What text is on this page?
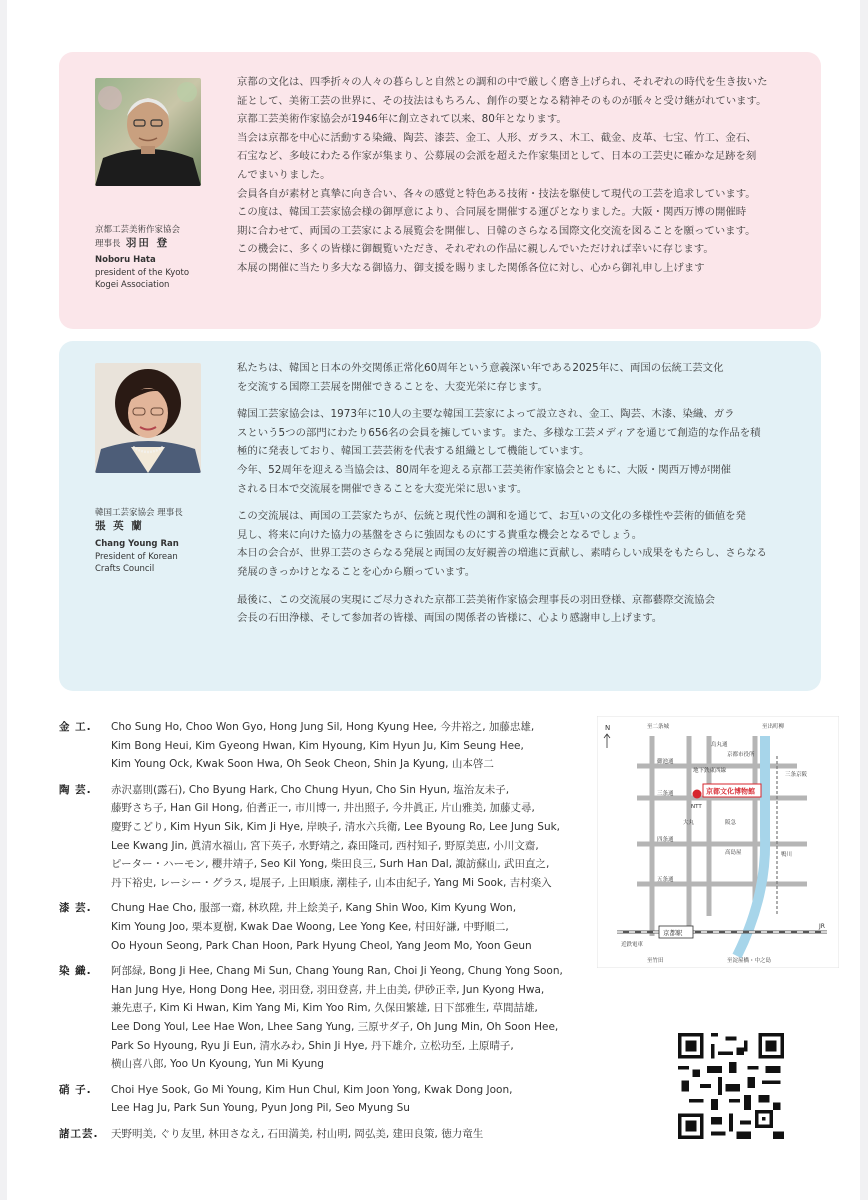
京都工芸美術作家協会
理事長 羽田 登
Noboru Hata
president of the Kyoto
Kogei Association

京都の文化は、四季折々の人々の暮らしと自然との調和の中で厳しく磨き上げられ、それぞれの時代を生き抜いた

証として、美術工芸の世界に、その技法はもちろん、創作の要となる精神そのものが脈々と受け継がれています。

京都工芸美術作家協会が1946年に創立されて以来、80年となります。

当会は京都を中心に活動する染織、陶芸、漆芸、金工、人形、ガラス、木工、截金、皮革、七宝、竹工、金石、

石宝など、多岐にわたる作家が集まり、公募展の会派を超えた作家集団として、日本の工芸史に確かな足跡を刻

んでまいりました。

会員各自が素材と真摯に向き合い、各々の感覚と特色ある技術・技法を駆使して現代の工芸を追求しています。

この度は、韓国工芸家協会様の御厚意により、合同展を開催する運びとなりました。大阪・関西万博の開催時

期に合わせて、両国の工芸家による展覧会を開催し、日韓のさらなる国際文化交流を図ることを願っています。

この機会に、多くの皆様に御観覧いただき、それぞれの作品に親しんでいただければ幸いに存じます。

本展の開催に当たり多大なる御協力、御支援を賜りました関係各位に対し、心から御礼申し上げます

韓国工芸家協会 理事長
張 英 蘭
Chang Young Ran
President of Korean
Crafts Council

私たちは、韓国と日本の外交関係正常化60周年という意義深い年である2025年に、両国の伝統工芸文化

を交流する国際工芸展を開催できることを、大変光栄に存じます。

韓国工芸家協会は、1973年に10人の主要な韓国工芸家によって設立され、金工、陶芸、木漆、染織、ガラ

スという5つの部門にわたり656名の会員を擁しています。また、多様な工芸メディアを通じて創造的な作品を積

極的に発表しており、韓国工芸芸術を代表する組織として機能しています。

今年、52周年を迎える当協会は、80周年を迎える京都工芸美術作家協会とともに、大阪・関西万博が開催

される日本で交流展を開催できることを大変光栄に思います。

この交流展は、両国の工芸家たちが、伝統と現代性の調和を通じて、お互いの文化の多様性や芸術的価値を発

見し、将来に向けた協力の基盤をさらに強固なものにする貴重な機会となるでしょう。

本日の会合が、世界工芸のさらなる発展と両国の友好親善の増進に貢献し、素晴らしい成果をもたらし、さらなる

発展のきっかけとなることを心から願っています。

最後に、この交流展の実現にご尽力された京都工芸美術作家協会理事長の羽田登様、京都藝際交流協会

会長の石田浄様、そして参加者の皆様、両国の関係者の皆様に、心より感謝申し上げます。

金 工.	Cho Sung Ho, Choo Won Gyo, Hong Jung Sil, Hong Kyung Hee, 今井裕之, 加藤忠雄,
Kim Bong Heui, Kim Gyeong Hwan, Kim Hyoung, Kim Hyun Ju, Kim Seung Hee,
Kim Young Ock, Kwak Soon Hwa, Oh Seok Cheon, Shin Ja Kyung, 山本啓二
陶 芸.	赤沢嘉則(露石), Cho Byung Hark, Cho Chung Hyun, Cho Sin Hyun, 塩治友未子,
藤野さち子, Han Gil Hong, 伯耆正一, 市川博一, 井出照子, 今井眞正, 片山雅美, 加藤丈尋,
慶野こどり, Kim Hyun Sik, Kim Ji Hye, 岸映子, 清水六兵衛, Lee Byoung Ro, Lee Jung Suk,
Lee Kwang Jin, 眞清水福山, 宮下英子, 水野靖之, 森田隆司, 西村知子, 野原美恵, 小川文齋,
ピーター・ハーモン, 櫻井靖子, Seo Kil Yong, 柴田良三, Surh Han Dal, 諏訪蘇山, 武田直之,
丹下裕史, レーシー・グラス, 堤展子, 上田順康, 潮桂子, 山本由紀子, Yang Mi Sook, 吉村楽入
漆 芸.	Chung Hae Cho, 服部一齋, 林玖陞, 井上絵美子, Kang Shin Woo, Kim Kyung Won,
Kim Young Joo, 栗本夏樹, Kwak Dae Woong, Lee Yong Kee, 村田好謙, 中野順二,
Oo Hyoun Seong, Park Chan Hoon, Park Hyung Cheol, Yang Jeom Mo, Yoon Geun
染 織.	阿部緑, Bong Ji Hee, Chang Mi Sun, Chang Young Ran, Choi Ji Yeong, Chung Yong Soon,
Han Jung Hye, Hong Dong Hee, 羽田登, 羽田登喜, 井上由美, 伊砂正幸, Jun Kyong Hwa,
兼先恵子, Kim Ki Hwan, Kim Yang Mi, Kim Yoo Rim, 久保田繁雄, 日下部雅生, 草間喆雄,
Lee Dong Youl, Lee Hae Won, Lhee Sang Yung, 三原サダ子, Oh Jung Min, Oh Soon Hee,
Park So Hyoung, Ryu Ji Eun, 清水みわ, Shin Ji Hye, 丹下雄介, 立松功至, 上原晴子,
横山喜八郎, Yoo Un Kyoung, Yun Mi Kyung
硝 子.	Choi Hye Sook, Go Mi Young, Kim Hun Chul, Kim Joon Yong, Kwak Dong Joon,
Lee Hag Ju, Park Sun Young, Pyun Jong Pil, Seo Myung Su
諸工芸.	天野明美, ぐり友里, 林田さなえ, 石田満美, 村山明, 岡弘美, 建田良策, 徳力竜生
N
京都駅
JR
京都文化博物館
至二条城	至出町柳
烏丸通
京都市役所
御池通
地下鉄東西線
三条京阪
三条通
NTT
四条通
大丸	阪急
高島屋
五条通
鴨川
近鉄電車
至竹田	至淀屋橋・中之島
